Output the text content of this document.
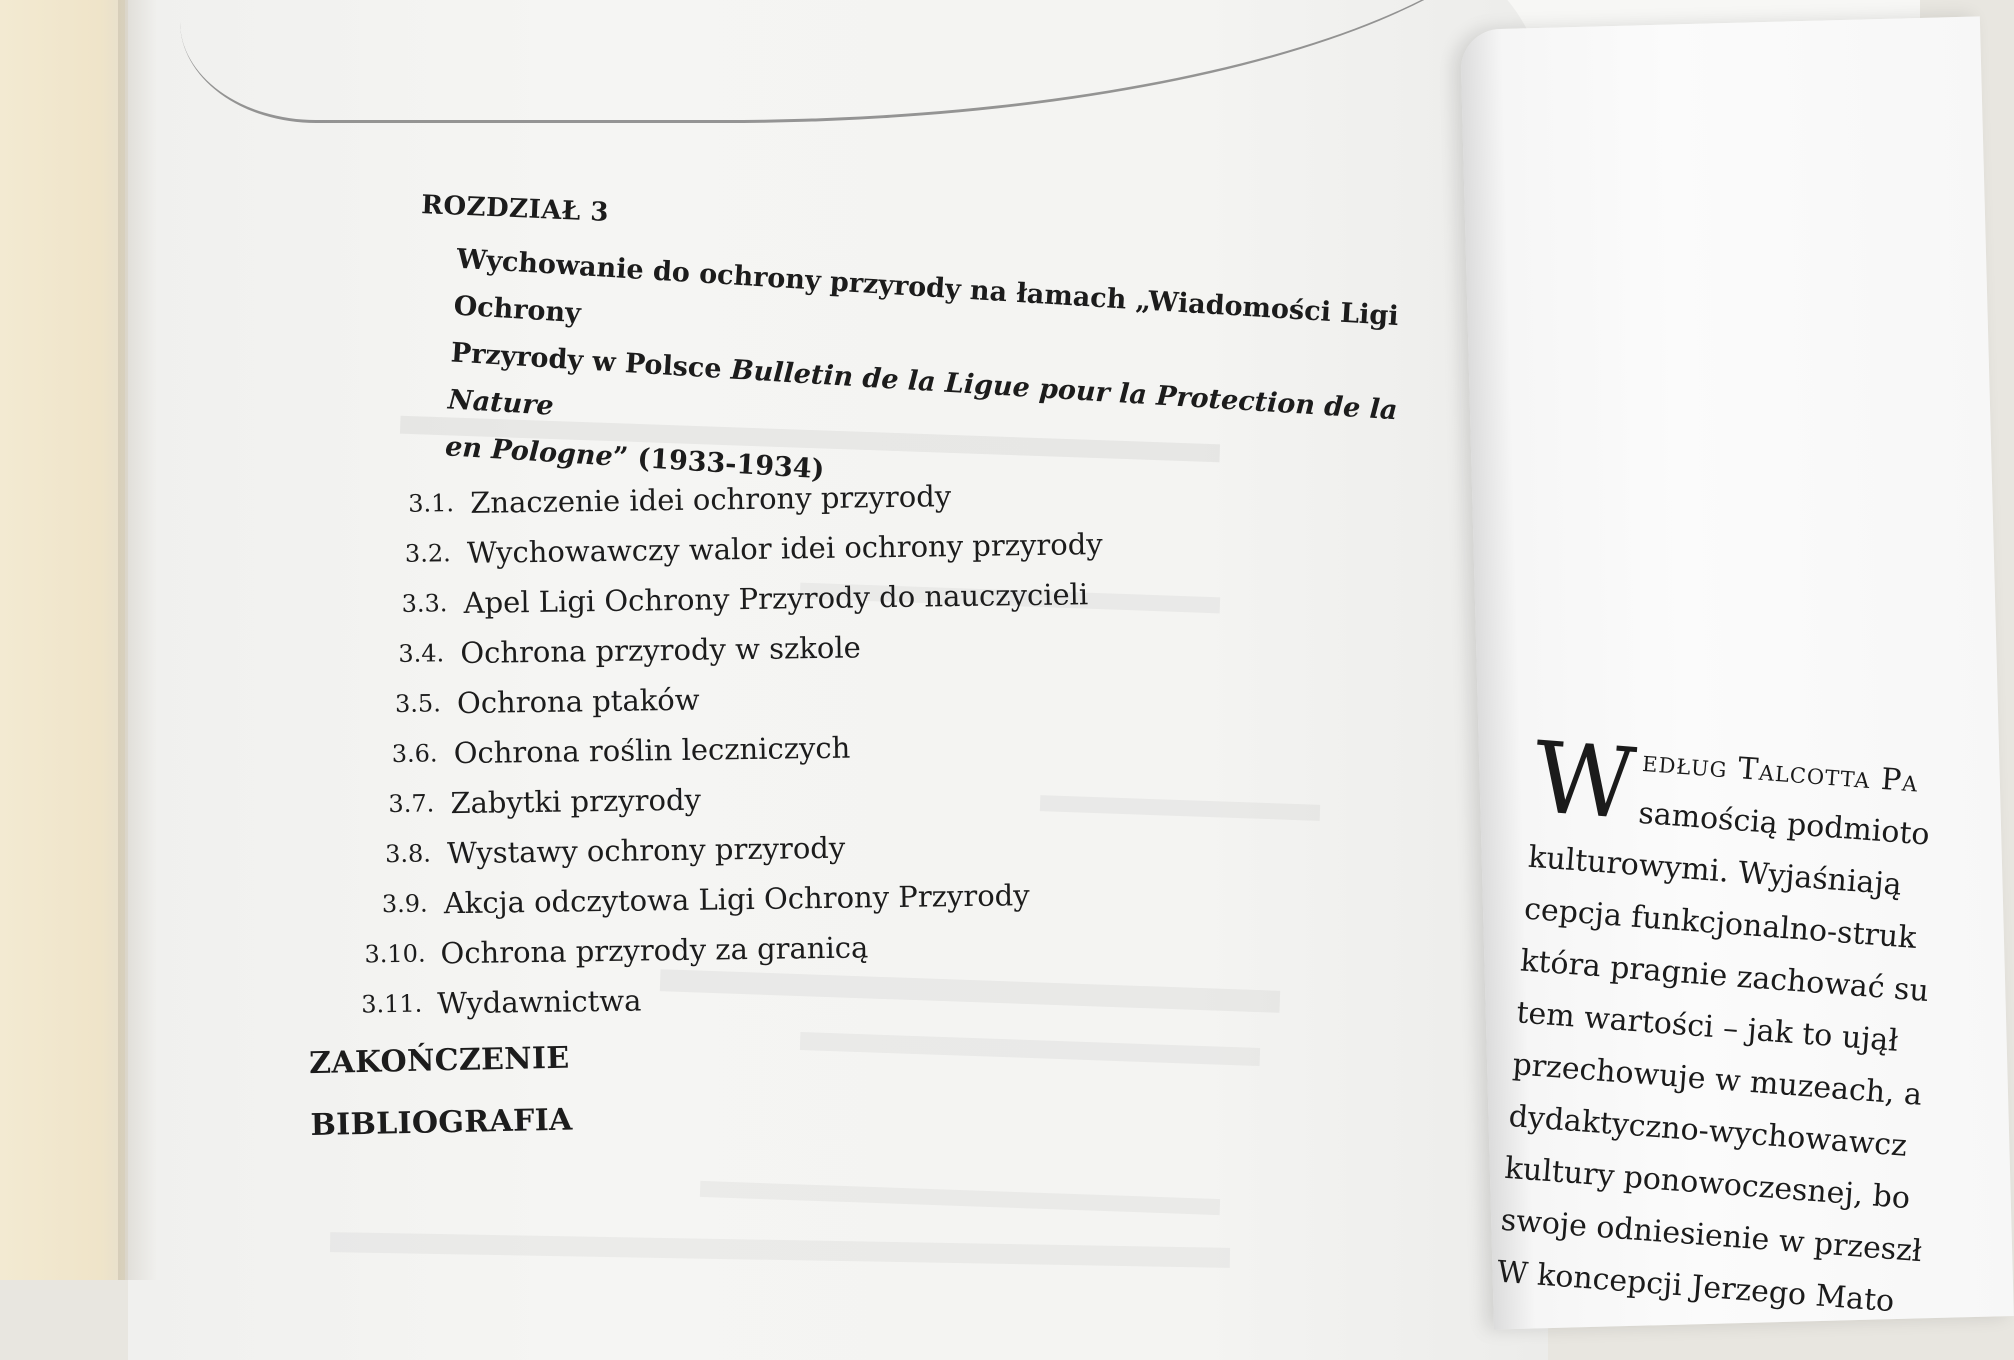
ROZDZIAŁ 3
Wychowanie do ochrony przyrody na łamach „Wiadomości Ligi Ochrony
Przyrody w Polsce Bulletin de la Ligue pour la Protection de la Nature
en Pologne” (1933-1934)
3.1. Znaczenie idei ochrony przyrody
3.2. Wychowawczy walor idei ochrony przyrody
3.3. Apel Ligi Ochrony Przyrody do nauczycieli
3.4. Ochrona przyrody w szkole
3.5. Ochrona ptaków
3.6. Ochrona roślin leczniczych
3.7. Zabytki przyrody
3.8. Wystawy ochrony przyrody
3.9. Akcja odczytowa Ligi Ochrony Przyrody
3.10. Ochrona przyrody za granicą
3.11. Wydawnictwa
ZAKOŃCZENIE
BIBLIOGRAFIA
W edług Talcotta Pa
samością podmioto
kulturowymi. Wyjaśniają
cepcja funkcjonalno-struk
która pragnie zachować su
tem wartości – jak to ujął
przechowuje w muzeach, a
dydaktyczno-wychowawcz
kultury ponowoczesnej, bo
swoje odniesienie w przeszł
W koncepcji Jerzego Mato
